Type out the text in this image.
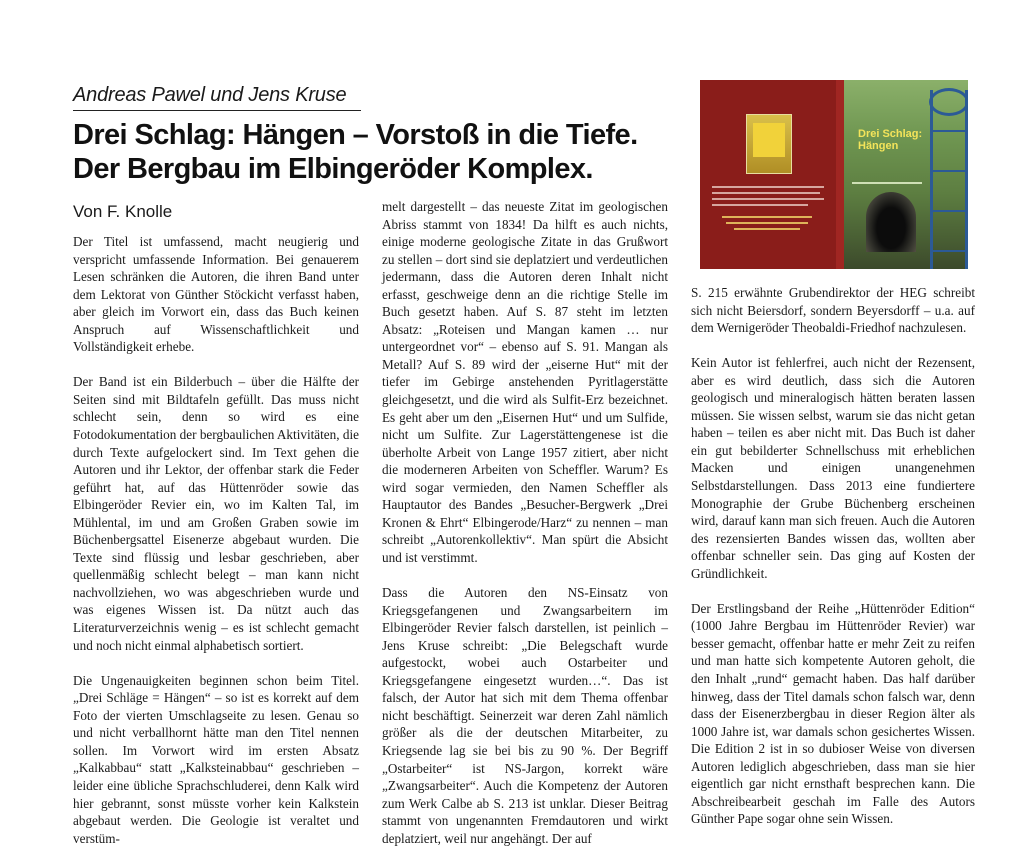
Andreas Pawel und Jens Kruse
Drei Schlag: Hängen – Vorstoß in die Tiefe.
Der Bergbau im Elbingeröder Komplex.
Von F. Knolle

Der Titel ist umfassend, macht neugierig und verspricht umfassende Information. Bei genauerem Lesen schränken die Autoren, die ihren Band unter dem Lektorat von Günther Stöckicht verfasst haben, aber gleich im Vorwort ein, dass das Buch keinen Anspruch auf Wissenschaftlichkeit und Vollständigkeit erhebe.

Der Band ist ein Bilderbuch – über die Hälfte der Seiten sind mit Bildtafeln gefüllt. Das muss nicht schlecht sein, denn so wird es eine Fotodokumentation der bergbaulichen Aktivitäten, die durch Texte aufgelockert sind. Im Text gehen die Autoren und ihr Lektor, der offenbar stark die Feder geführt hat, auf das Hüttenröder sowie das Elbingeröder Revier ein, wo im Kalten Tal, im Mühlental, im und am Großen Graben sowie im Büchenbergsattel Eisenerze abgebaut wurden. Die Texte sind flüssig und lesbar geschrieben, aber quellenmäßig schlecht belegt – man kann nicht nachvollziehen, wo was abgeschrieben wurde und was eigenes Wissen ist. Da nützt auch das Literaturverzeichnis wenig – es ist schlecht gemacht und noch nicht einmal alphabetisch sortiert.

Die Ungenauigkeiten beginnen schon beim Titel. „Drei Schläge = Hängen“ – so ist es korrekt auf dem Foto der vierten Umschlagseite zu lesen. Genau so und nicht verballhornt hätte man den Titel nennen sollen. Im Vorwort wird im ersten Absatz „Kalkabbau“ statt „Kalksteinabbau“ geschrieben – leider eine übliche Sprachschluderei, denn Kalk wird hier gebrannt, sonst müsste vorher kein Kalkstein abgebaut werden. Die Geologie ist veraltet und verstüm-

melt dargestellt – das neueste Zitat im geologischen Abriss stammt von 1834! Da hilft es auch nichts, einige moderne geologische Zitate in das Grußwort zu stellen – dort sind sie deplatziert und verdeutlichen jedermann, dass die Autoren deren Inhalt nicht erfasst, geschweige denn an die richtige Stelle im Buch gesetzt haben. Auf S. 87 steht im letzten Absatz: „Roteisen und Mangan kamen … nur untergeordnet vor“ – ebenso auf S. 91. Mangan als Metall? Auf S. 89 wird der „eiserne Hut“ mit der tiefer im Gebirge anstehenden Pyritlagerstätte gleichgesetzt, und die wird als Sulfit-Erz bezeichnet. Es geht aber um den „Eisernen Hut“ und um Sulfide, nicht um Sulfite. Zur Lagerstättengenese ist die überholte Arbeit von Lange 1957 zitiert, aber nicht die moderneren Arbeiten von Scheffler. Warum? Es wird sogar vermieden, den Namen Scheffler als Hauptautor des Bandes „Besucher-Bergwerk „Drei Kronen & Ehrt“ Elbingerode/Harz“ zu nennen – man schreibt „Autorenkollektiv“. Man spürt die Absicht und ist verstimmt.

Dass die Autoren den NS-Einsatz von Kriegsgefangenen und Zwangsarbeitern im Elbingeröder Revier falsch darstellen, ist peinlich – Jens Kruse schreibt: „Die Belegschaft wurde aufgestockt, wobei auch Ostarbeiter und Kriegsgefangene eingesetzt wurden…“. Das ist falsch, der Autor hat sich mit dem Thema offenbar nicht beschäftigt. Seinerzeit war deren Zahl nämlich größer als die der deutschen Mitarbeiter, zu Kriegsende lag sie bei bis zu 90 %. Der Begriff „Ostarbeiter“ ist NS-Jargon, korrekt wäre „Zwangsarbeiter“. Auch die Kompetenz der Autoren zum Werk Calbe ab S. 213 ist unklar. Dieser Beitrag stammt von ungenannten Fremdautoren und wirkt deplatziert, weil nur angehängt. Der auf

S. 215 erwähnte Grubendirektor der HEG schreibt sich nicht Beiersdorf, sondern Beyersdorff – u.a. auf dem Wernigeröder Theobaldi-Friedhof nachzulesen.

Kein Autor ist fehlerfrei, auch nicht der Rezensent, aber es wird deutlich, dass sich die Autoren geologisch und mineralogisch hätten beraten lassen müssen. Sie wissen selbst, warum sie das nicht getan haben – teilen es aber nicht mit. Das Buch ist daher ein gut bebilderter Schnellschuss mit erheblichen Macken und einigen unangenehmen Selbstdarstellungen. Dass 2013 eine fundiertere Monographie der Grube Büchenberg erscheinen wird, darauf kann man sich freuen. Auch die Autoren des rezensierten Bandes wissen das, wollten aber offenbar schneller sein. Das ging auf Kosten der Gründlichkeit.

Der Erstlingsband der Reihe „Hüttenröder Edition“ (1000 Jahre Bergbau im Hüttenröder Revier) war besser gemacht, offenbar hatte er mehr Zeit zu reifen und man hatte sich kompetente Autoren geholt, die den Inhalt „rund“ gemacht haben. Das half darüber hinweg, dass der Titel damals schon falsch war, denn dass der Eisenerzbergbau in dieser Region älter als 1000 Jahre ist, war damals schon gesichertes Wissen. Die Edition 2 ist in so dubioser Weise von diversen Autoren lediglich abgeschrieben, dass man sie hier eigentlich gar nicht ernsthaft besprechen kann. Die Abschreibearbeit geschah im Falle des Autors Günther Pape sogar ohne sein Wissen.

Drei Schlag:
Hängen
